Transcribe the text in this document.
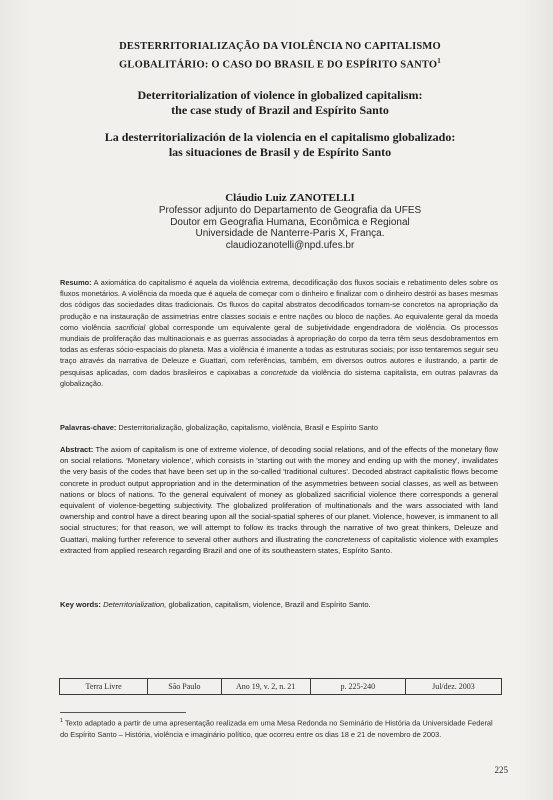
DESTERRITORIALIZAÇÃO DA VIOLÊNCIA NO CAPITALISMO
GLOBALITÁRIO: O CASO DO BRASIL E DO ESPÍRITO SANTO$^1$

Deterritorialization of violence in globalized capitalism:
the case study of Brazil and Espírito Santo

La desterritorialización de la violencia en el capitalismo globalizado:
las situaciones de Brasil y de Espírito Santo

Cláudio Luiz ZANOTELLI
Professor adjunto do Departamento de Geografia da UFES
Doutor em Geografia Humana, Econômica e Regional
Universidade de Nanterre-Paris X, França.
claudiozanotelli@npd.ufes.br

Resumo: A axiomática do capitalismo é aquela da violência extrema, decodificação dos fluxos sociais e rebatimento deles sobre os fluxos monetários. A violência da moeda que é aquela de começar com o dinheiro e finalizar com o dinheiro destrói as bases mesmas dos códigos das sociedades ditas tradicionais. Os fluxos do capital abstratos decodificados tornam-se concretos na apropriação da produção e na instauração de assimetrias entre classes sociais e entre nações ou bloco de nações. Ao equivalente geral da moeda como violência sacrificial global corresponde um equivalente geral de subjetividade engendradora de violência. Os processos mundiais de proliferação das multinacionais e as guerras associadas à apropriação do corpo da terra têm seus desdobramentos em todas as esferas sócio-espaciais do planeta. Mas a violência é imanente a todas as estruturas sociais; por isso tentaremos seguir seu traço através da narrativa de Deleuze e Guattari, com referências, também, em diversos outros autores e ilustrando, a partir de pesquisas aplicadas, com dados brasileiros e capixabas a concretude da violência do sistema capitalista, em outras palavras da globalização.

Palavras-chave: Desterritorialização, globalização, capitalismo, violência, Brasil e Espírito Santo

Abstract: The axiom of capitalism is one of extreme violence, of decoding social relations, and of the effects of the monetary flow on social relations. 'Monetary violence', which consists in 'starting out with the money and ending up with the money', invalidates the very basis of the codes that have been set up in the so-called 'traditional cultures'. Decoded abstract capitalistic flows become concrete in product output appropriation and in the determination of the asymmetries between social classes, as well as between nations or blocs of nations. To the general equivalent of money as globalized sacrificial violence there corresponds a general equivalent of violence-begetting subjectivity. The globalized proliferation of multinationals and the wars associated with land ownership and control have a direct bearing upon all the social-spatial spheres of our planet. Violence, however, is immanent to all social structures; for that reason, we will attempt to follow its tracks through the narrative of two great thinkers, Deleuze and Guattari, making further reference to several other authors and illustrating the concreteness of capitalistic violence with examples extracted from applied research regarding Brazil and one of its southeastern states, Espírito Santo.

Key words: Deterritorialization, globalization, capitalism, violence, Brazil and Espírito Santo.

Terra Livre	São Paulo	Ano 19, v. 2, n. 21	p. 225-240	Jul/dez. 2003

$^1$ Texto adaptado a partir de uma apresentação realizada em uma Mesa Redonda no Seminário de História da Universidade Federal do Espírito Santo – História, violência e imaginário político, que ocorreu entre os dias 18 e 21 de novembro de 2003.

225
